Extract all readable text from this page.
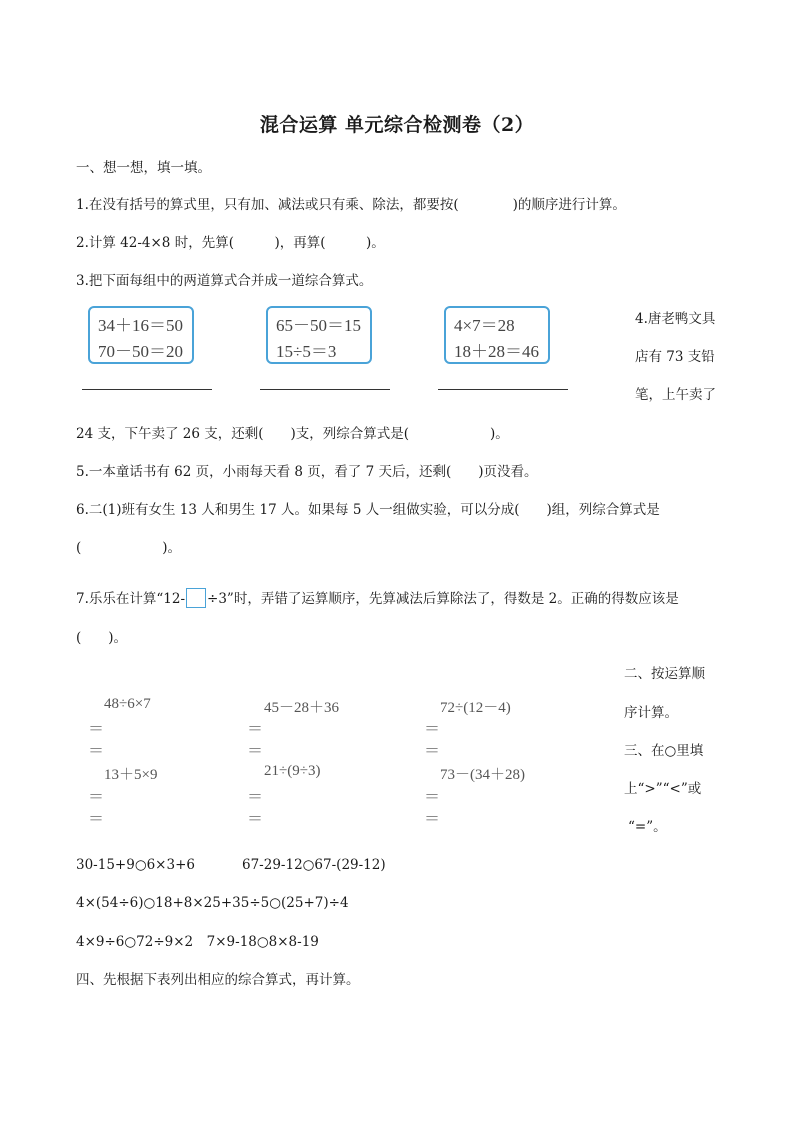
混合运算 单元综合检测卷（2）
一、想一想，填一填。
1.在没有括号的算式里，只有加、减法或只有乘、除法，都要按(　　　　)的顺序进行计算。
2.计算 42-4×8 时，先算(　　　)，再算(　　　)。
3.把下面每组中的两道算式合并成一道综合算式。
34＋16＝50
70－50＝20
65－50＝15
15÷5＝3
4×7＝28
18＋28＝46
4.唐老鸭文具
店有 73 支铅
笔，上午卖了
24 支，下午卖了 26 支，还剩(　　)支，列综合算式是(　　　　　　)。
5.一本童话书有 62 页，小雨每天看 8 页，看了 7 天后，还剩(　　)页没看。
6.二(1)班有女生 13 人和男生 17 人。如果每 5 人一组做实验，可以分成(　　)组，列综合算式是
(　　　　　　)。
7.乐乐在计算“12- ÷3”时，弄错了运算顺序，先算减法后算除法了，得数是 2。正确的得数应该是
(　　)。
二、按运算顺
序计算。
三、在○里填
上“>”“<”或
“=”。
48÷6×7	45－28＋36	72÷(12－4)
＝
＝
＝
＝
＝
＝
13＋5×9	21÷(9÷3)	73－(34＋28)
＝
＝
＝
＝
＝
＝
30-15+9○6×3+6	67-29-12○67-(29-12)
4×(54÷6)○18+8×25+35÷5○(25+7)÷4
4×9÷6○72÷9×2　7×9-18○8×8-19
四、先根据下表列出相应的综合算式，再计算。
